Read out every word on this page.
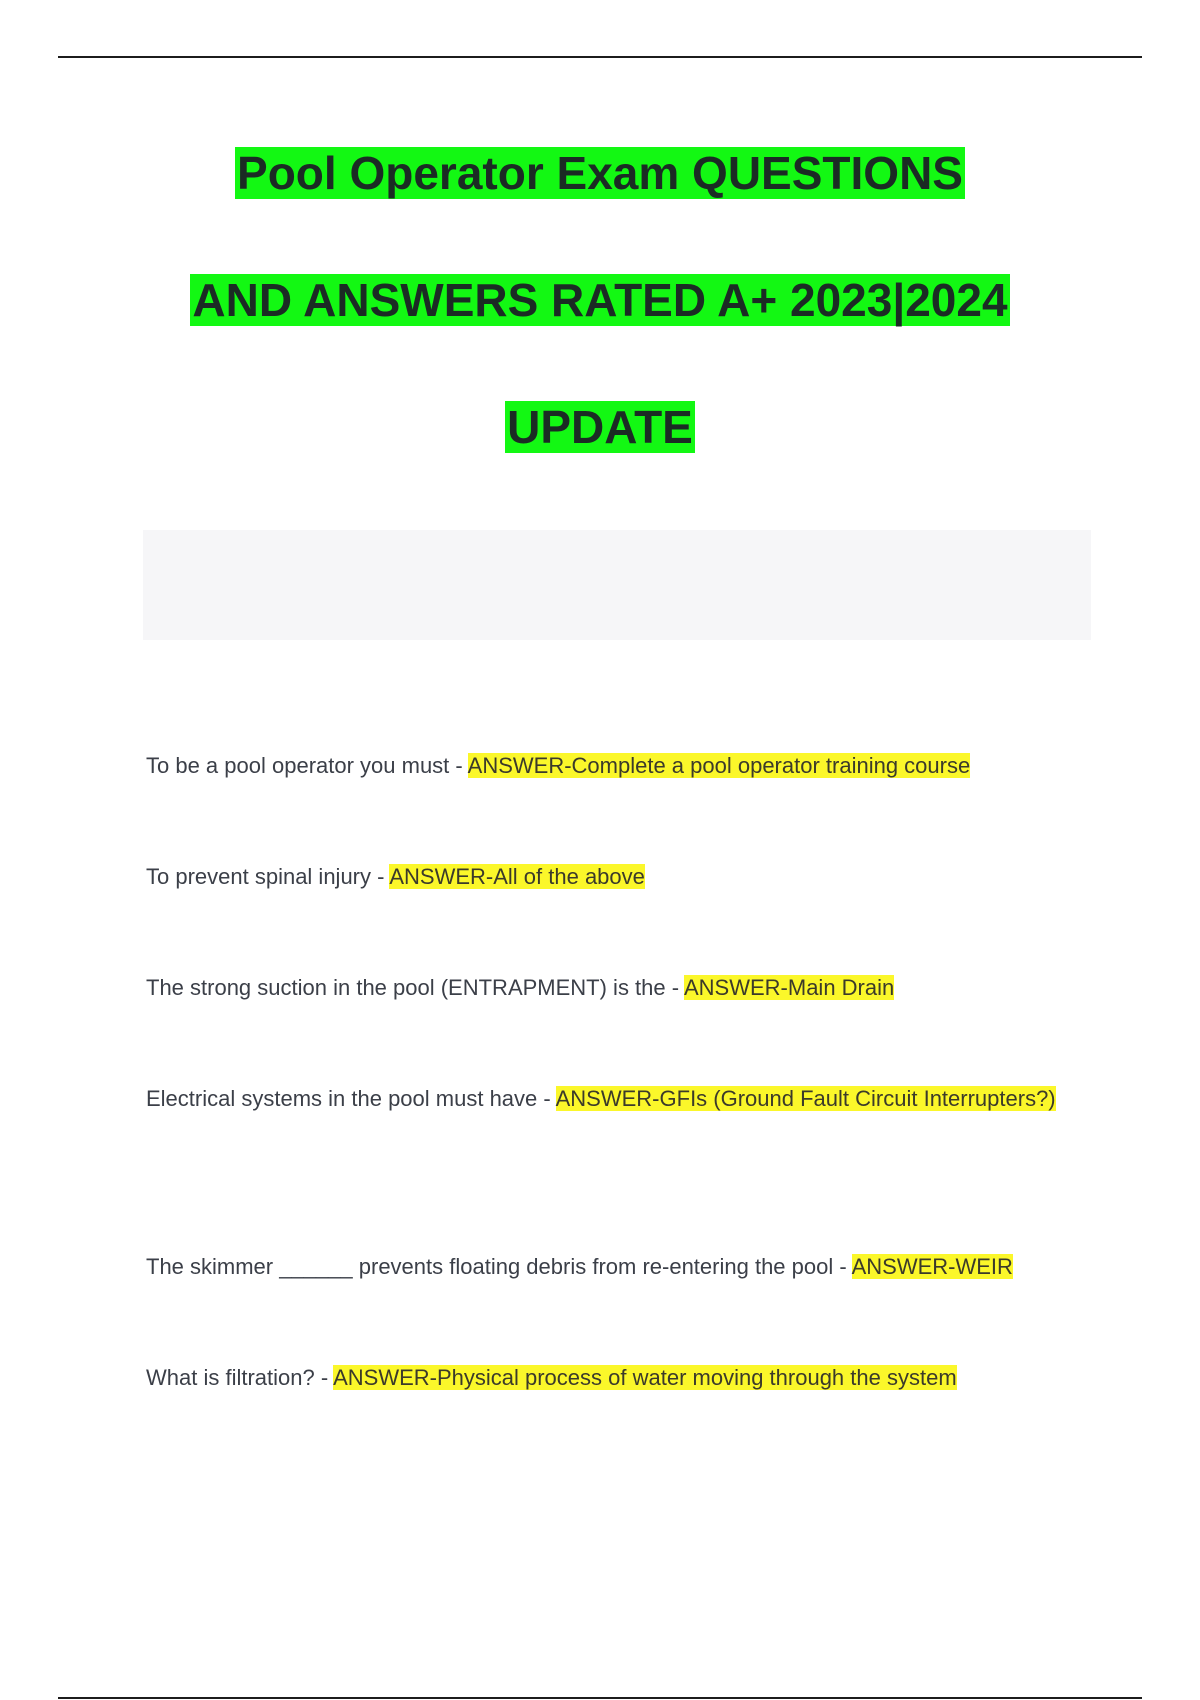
Pool Operator Exam QUESTIONS
AND ANSWERS RATED A+ 2023|2024
UPDATE
To be a pool operator you must - ANSWER-Complete a pool operator training course
To prevent spinal injury - ANSWER-All of the above
The strong suction in the pool (ENTRAPMENT) is the - ANSWER-Main Drain
Electrical systems in the pool must have - ANSWER-GFIs (Ground Fault Circuit Interrupters?)
The skimmer ______ prevents floating debris from re-entering the pool - ANSWER-WEIR
What is filtration? - ANSWER-Physical process of water moving through the system
